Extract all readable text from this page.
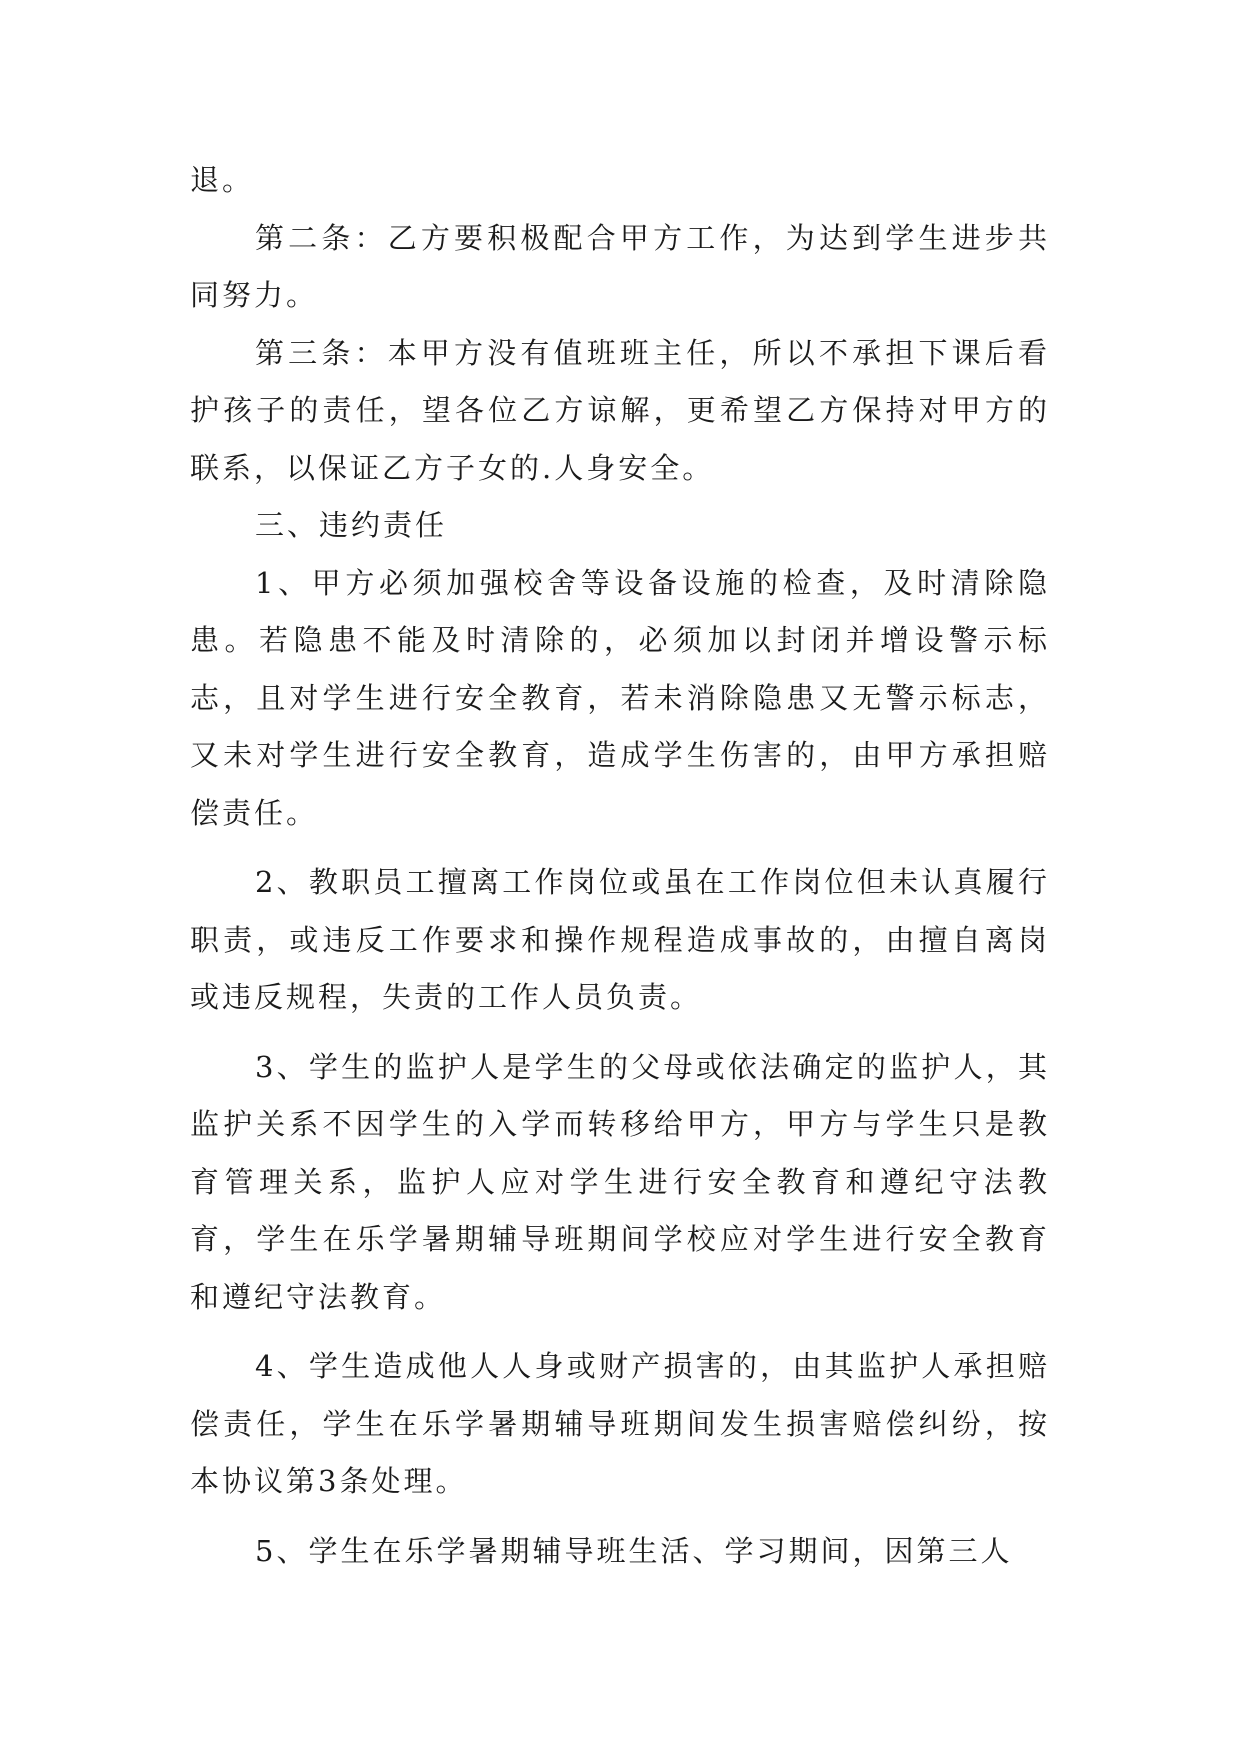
退。

第二条：乙方要积极配合甲方工作，为达到学生进步共同努力。

第三条：本甲方没有值班班主任，所以不承担下课后看护孩子的责任，望各位乙方谅解，更希望乙方保持对甲方的联系，以保证乙方子女的.人身安全。

三、违约责任

1、甲方必须加强校舍等设备设施的检查，及时清除隐患。若隐患不能及时清除的，必须加以封闭并增设警示标志，且对学生进行安全教育，若未消除隐患又无警示标志，又未对学生进行安全教育，造成学生伤害的，由甲方承担赔偿责任。

2、教职员工擅离工作岗位或虽在工作岗位但未认真履行职责，或违反工作要求和操作规程造成事故的，由擅自离岗或违反规程，失责的工作人员负责。

3、学生的监护人是学生的父母或依法确定的监护人，其监护关系不因学生的入学而转移给甲方，甲方与学生只是教育管理关系，监护人应对学生进行安全教育和遵纪守法教育，学生在乐学暑期辅导班期间学校应对学生进行安全教育和遵纪守法教育。

4、学生造成他人人身或财产损害的，由其监护人承担赔偿责任，学生在乐学暑期辅导班期间发生损害赔偿纠纷，按本协议第3条处理。

5、学生在乐学暑期辅导班生活、学习期间，因第三人
